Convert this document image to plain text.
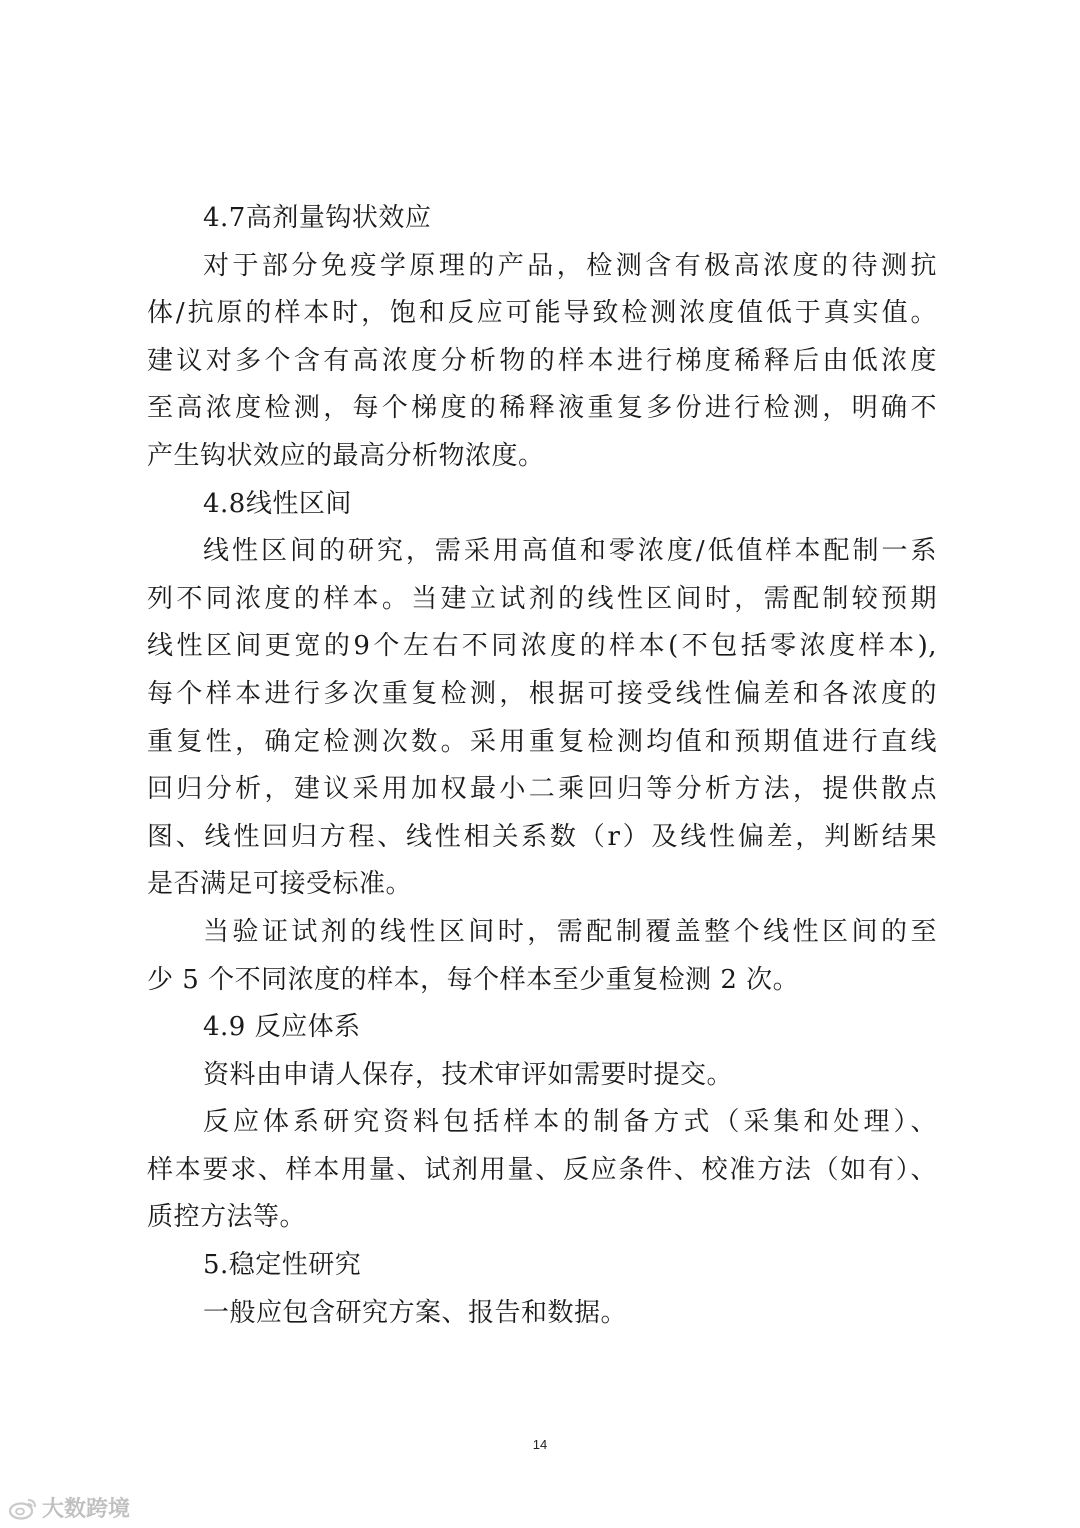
4.7高剂量钩状效应
对于部分免疫学原理的产品，检测含有极高浓度的待测抗
体/抗原的样本时，饱和反应可能导致检测浓度值低于真实值。
建议对多个含有高浓度分析物的样本进行梯度稀释后由低浓度
至高浓度检测，每个梯度的稀释液重复多份进行检测，明确不
产生钩状效应的最高分析物浓度。
4.8线性区间
线性区间的研究，需采用高值和零浓度/低值样本配制一系
列不同浓度的样本。当建立试剂的线性区间时，需配制较预期
线性区间更宽的9个左右不同浓度的样本(不包括零浓度样本),
每个样本进行多次重复检测，根据可接受线性偏差和各浓度的
重复性，确定检测次数。采用重复检测均值和预期值进行直线
回归分析，建议采用加权最小二乘回归等分析方法，提供散点
图、线性回归方程、线性相关系数（r）及线性偏差，判断结果
是否满足可接受标准。
当验证试剂的线性区间时，需配制覆盖整个线性区间的至
少 5 个不同浓度的样本，每个样本至少重复检测 2 次。
4.9 反应体系
资料由申请人保存，技术审评如需要时提交。
反应体系研究资料包括样本的制备方式（采集和处理）、
样本要求、样本用量、试剂用量、反应条件、校准方法（如有）、
质控方法等。
5.稳定性研究
一般应包含研究方案、报告和数据。
14
大数跨境
